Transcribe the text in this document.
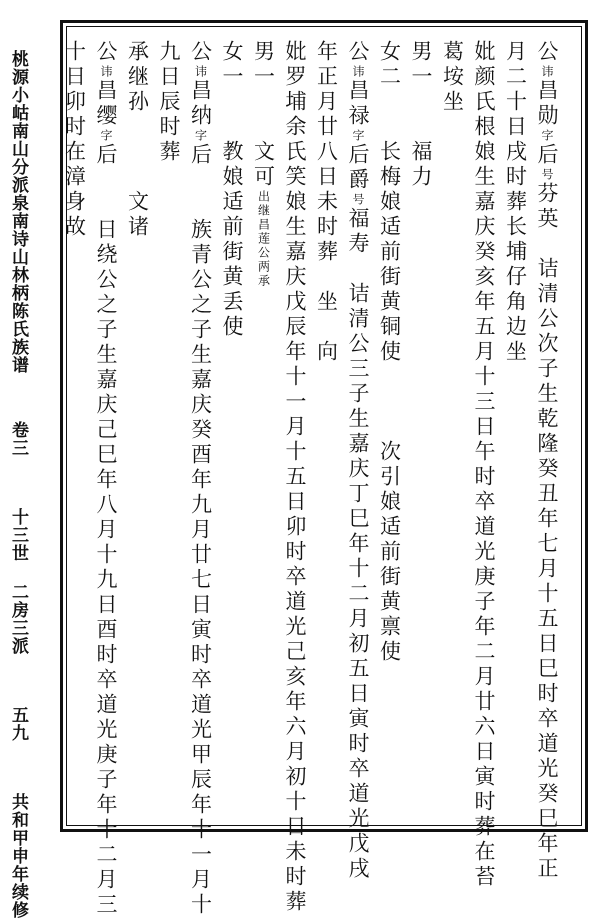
桃源小岵南山分派泉南诗山林柄陈氏族谱 卷三 十三世 二房三派 五九 共和甲申年续修
公讳昌勋字后号芬英　诘清公次子生乾隆癸丑年七月十五日巳时卒道光癸巳年正
月二十日戌时葬长埔仔角边坐
妣颜氏根娘生嘉庆癸亥年五月十三日午时卒道光庚子年二月廿六日寅时葬在苔
葛垵坐
男一　　福力
女二　　长梅娘适前街黄铜使　　　次引娘适前街黄禀使
公讳昌禄字后爵号福寿　诘清公三子生嘉庆丁巳年十二月初五日寅时卒道光戊戌
年正月廿八日未时葬　坐　向
妣罗埔余氏笑娘生嘉庆戊辰年十一月十五日卯时卒道光己亥年六月初十日未时葬
男一　　文可出继昌莲公两承
女一　　教娘适前街黄丢使
公讳昌纳字后　　族青公之子生嘉庆癸酉年九月廿七日寅时卒道光甲辰年十一月十
九日辰时葬
承继孙　　　文诸
公讳昌缨字后　　日绕公之子生嘉庆己巳年八月十九日酉时卒道光庚子年十二月三
十日卯时在漳身故
